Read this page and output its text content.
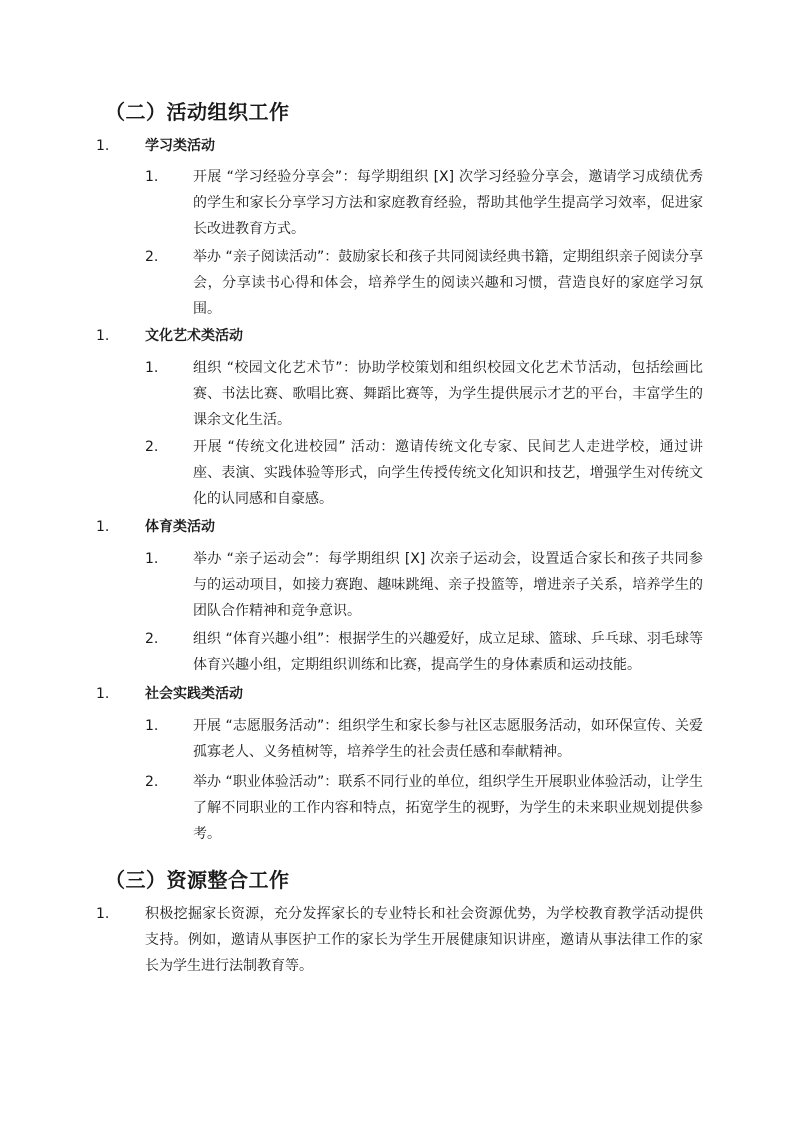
（二）活动组织工作
1.	学习类活动
1. 开展 “学习经验分享会”：每学期组织 [X] 次学习经验分享会，邀请学习成绩优秀的学生和家长分享学习方法和家庭教育经验，帮助其他学生提高学习效率，促进家长改进教育方式。
2. 举办 “亲子阅读活动”：鼓励家长和孩子共同阅读经典书籍，定期组织亲子阅读分享会，分享读书心得和体会，培养学生的阅读兴趣和习惯，营造良好的家庭学习氛围。
1.	文化艺术类活动
1. 组织 “校园文化艺术节”：协助学校策划和组织校园文化艺术节活动，包括绘画比赛、书法比赛、歌唱比赛、舞蹈比赛等，为学生提供展示才艺的平台，丰富学生的课余文化生活。
2. 开展 “传统文化进校园” 活动：邀请传统文化专家、民间艺人走进学校，通过讲座、表演、实践体验等形式，向学生传授传统文化知识和技艺，增强学生对传统文化的认同感和自豪感。
1.	体育类活动
1. 举办 “亲子运动会”：每学期组织 [X] 次亲子运动会，设置适合家长和孩子共同参与的运动项目，如接力赛跑、趣味跳绳、亲子投篮等，增进亲子关系，培养学生的团队合作精神和竞争意识。
2. 组织 “体育兴趣小组”：根据学生的兴趣爱好，成立足球、篮球、乒乓球、羽毛球等体育兴趣小组，定期组织训练和比赛，提高学生的身体素质和运动技能。
1.	社会实践类活动
1. 开展 “志愿服务活动”：组织学生和家长参与社区志愿服务活动，如环保宣传、关爱孤寡老人、义务植树等，培养学生的社会责任感和奉献精神。
2. 举办 “职业体验活动”：联系不同行业的单位，组织学生开展职业体验活动，让学生了解不同职业的工作内容和特点，拓宽学生的视野，为学生的未来职业规划提供参考。
（三）资源整合工作
1.	积极挖掘家长资源，充分发挥家长的专业特长和社会资源优势，为学校教育教学活动提供支持。例如，邀请从事医护工作的家长为学生开展健康知识讲座，邀请从事法律工作的家长为学生进行法制教育等。
